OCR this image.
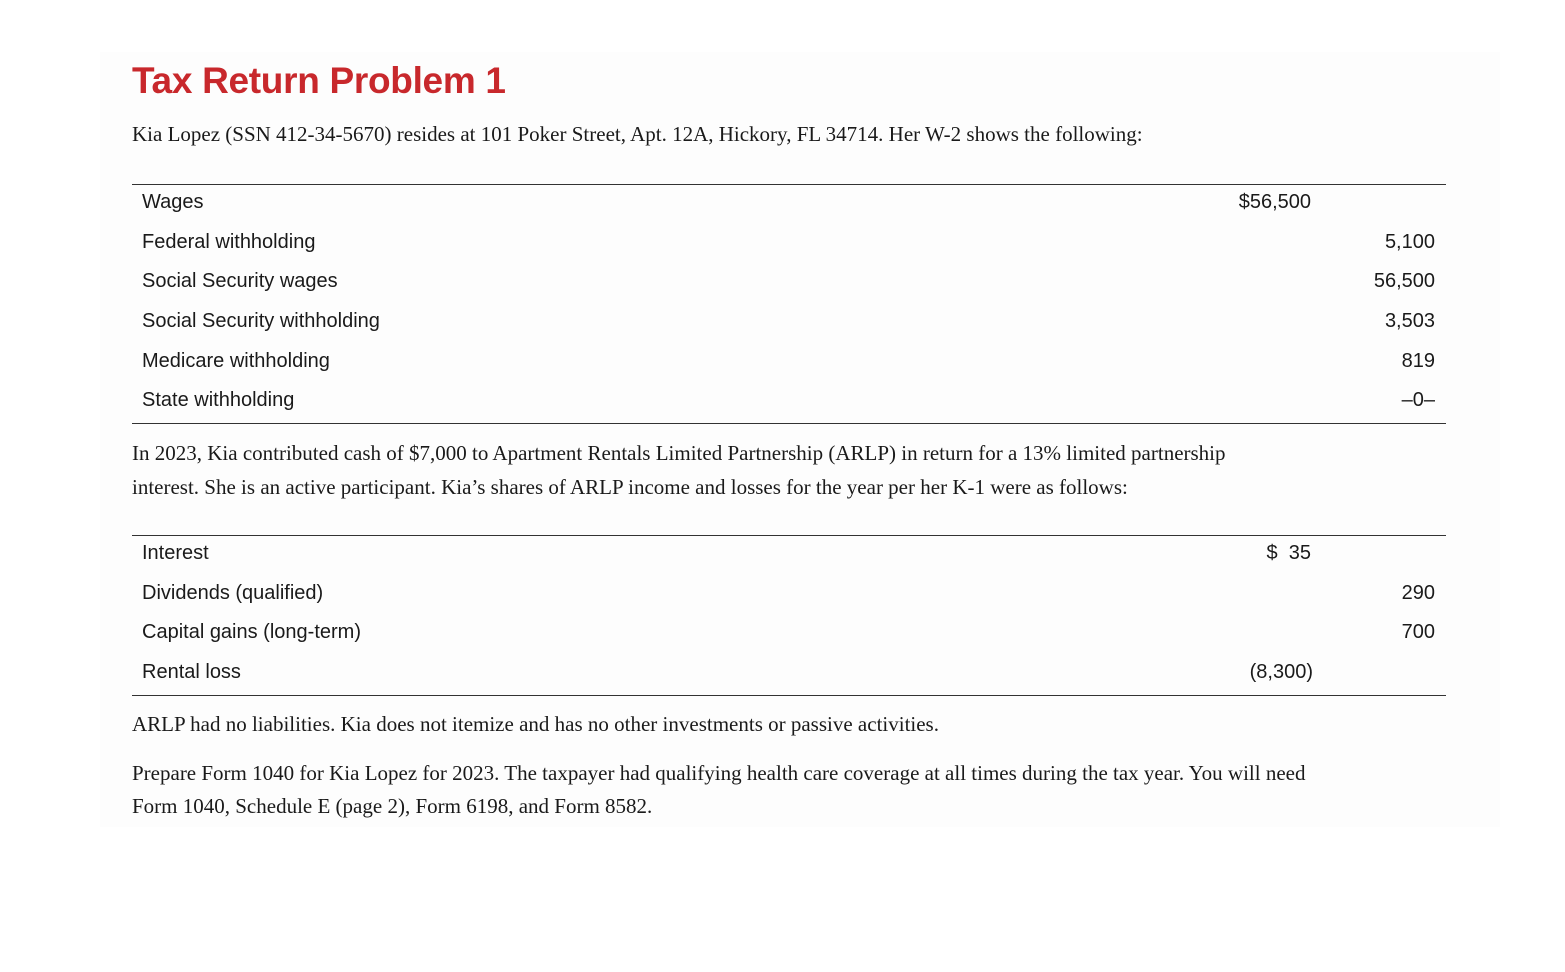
Tax Return Problem 1

Kia Lopez (SSN 412-34-5670) resides at 101 Poker Street, Apt. 12A, Hickory, FL 34714. Her W-2 shows the following:

Wages	$56,500
Federal withholding	5,100
Social Security wages	56,500
Social Security withholding	3,503
Medicare withholding	819
State withholding	–0–

In 2023, Kia contributed cash of $7,000 to Apartment Rentals Limited Partnership (ARLP) in return for a 13% limited partnership

interest. She is an active participant. Kia’s shares of ARLP income and losses for the year per her K-1 were as follows:

Interest	$  35
Dividends (qualified)	290
Capital gains (long-term)	700
Rental loss	(8,300)

ARLP had no liabilities. Kia does not itemize and has no other investments or passive activities.

Prepare Form 1040 for Kia Lopez for 2023. The taxpayer had qualifying health care coverage at all times during the tax year. You will need

Form 1040, Schedule E (page 2), Form 6198, and Form 8582.
